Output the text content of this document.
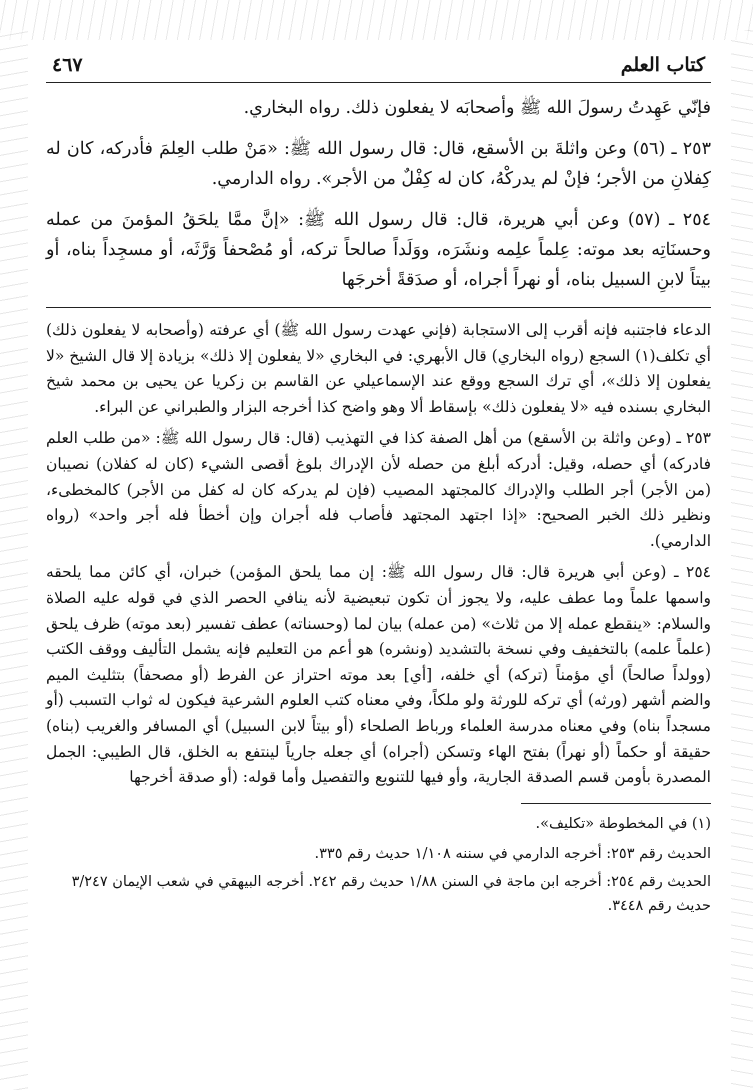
كتاب العلم
٤٦٧

فإنّي عَهِدتُ رسولَ الله ﷺ وأصحابَه لا يفعلون ذلك. رواه البخاري.

٢٥٣ ـ (٥٦) وعن واثلةَ بن الأسقع، قال: قال رسول الله ﷺ: «مَنْ طلب العِلمَ فأدركه، كان له كِفلانِ من الأجر؛ فإنْ لم يدركْهُ، كان له كِفْلٌ من الأجر». رواه الدارمي.

٢٥٤ ـ (٥٧) وعن أبي هريرة، قال: قال رسول الله ﷺ: «إنَّ ممَّا يلحَقُ المؤمنَ من عمله وحسنَاتِه بعد موته: عِلماً علِمه ونشَرَه، ووَلَداً صالحاً تركه، أو مُصْحفاً وَرَّثَه، أو مسجِداً بناه، أو بيتاً لابنِ السبيل بناه، أو نهراً أجراه، أو صدَقةً أخرجَها

الدعاء فاجتنبه فإنه أقرب إلى الاستجابة (فإني عهدت رسول الله ﷺ) أي عرفته (وأصحابه لا يفعلون ذلك) أي تكلف(١) السجع (رواه البخاري) قال الأبهري: في البخاري «لا يفعلون إلا ذلك» بزيادة إلا قال الشيخ «لا يفعلون إلا ذلك»، أي ترك السجع ووقع عند الإسماعيلي عن القاسم بن زكريا عن يحيى بن محمد شيخ البخاري بسنده فيه «لا يفعلون ذلك» بإسقاط ألا وهو واضح كذا أخرجه البزار والطبراني عن البراء.

٢٥٣ ـ (وعن واثلة بن الأسقع) من أهل الصفة كذا في التهذيب (قال: قال رسول الله ﷺ: «من طلب العلم فادركه) أي حصله، وقيل: أدركه أبلغ من حصله لأن الإدراك بلوغ أقصى الشيء (كان له كفلان) نصيبان (من الأجر) أجر الطلب والإدراك كالمجتهد المصيب (فإن لم يدركه كان له كفل من الأجر) كالمخطىء، ونظير ذلك الخبر الصحيح: «إذا اجتهد المجتهد فأصاب فله أجران وإن أخطأ فله أجر واحد» (رواه الدارمي).

٢٥٤ ـ (وعن أبي هريرة قال: قال رسول الله ﷺ: إن مما يلحق المؤمن) خبران، أي كائن مما يلحقه واسمها علماً وما عطف عليه، ولا يجوز أن تكون تبعيضية لأنه ينافي الحصر الذي في قوله عليه الصلاة والسلام: «ينقطع عمله إلا من ثلاث» (من عمله) بيان لما (وحسناته) عطف تفسير (بعد موته) ظرف يلحق (علماً علمه) بالتخفيف وفي نسخة بالتشديد (ونشره) هو أعم من التعليم فإنه يشمل التأليف ووقف الكتب (وولداً صالحاً) أي مؤمناً (تركه) أي خلفه، [أي] بعد موته احتراز عن الفرط (أو مصحفاً) بتثليث الميم والضم أشهر (ورثه) أي تركه للورثة ولو ملكاً، وفي معناه كتب العلوم الشرعية فيكون له ثواب التسبب (أو مسجداً بناه) وفي معناه مدرسة العلماء ورباط الصلحاء (أو بيتاً لابن السبيل) أي المسافر والغريب (بناه) حقيقة أو حكماً (أو نهراً) بفتح الهاء وتسكن (أجراه) أي جعله جارياً لينتفع به الخلق، قال الطيبي: الجمل المصدرة بأومن قسم الصدقة الجارية، وأو فيها للتنويع والتفصيل وأما قوله: (أو صدقة أخرجها

(١) في المخطوطة «تكليف».

الحديث رقم ٢٥٣: أخرجه الدارمي في سننه ١/١٠٨ حديث رقم ٣٣٥.

الحديث رقم ٢٥٤: أخرجه ابن ماجة في السنن ١/٨٨ حديث رقم ٢٤٢. أخرجه البيهقي في شعب الإيمان ٣/٢٤٧ حديث رقم ٣٤٤٨.
